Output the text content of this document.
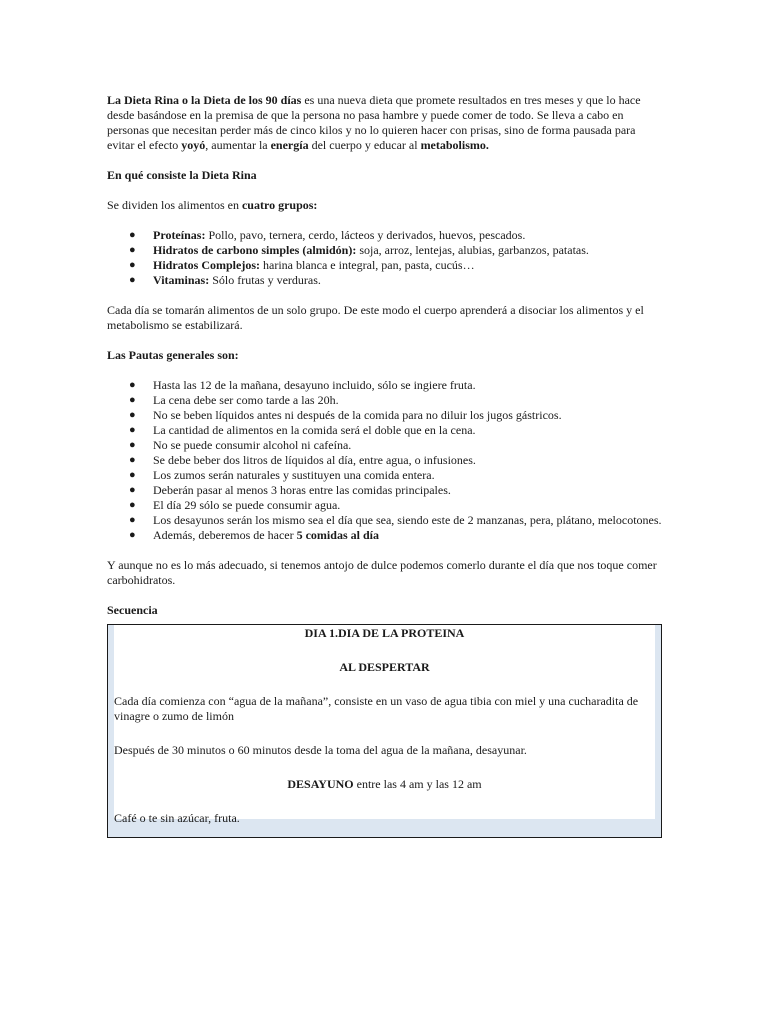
La Dieta Rina o la Dieta de los 90 días es una nueva dieta que promete resultados en tres meses y que lo hace desde basándose en la premisa de que la persona no pasa hambre y puede comer de todo. Se lleva a cabo en personas que necesitan perder más de cinco kilos y no lo quieren hacer con prisas, sino de forma pausada para evitar el efecto yoyó, aumentar la energía del cuerpo y educar al metabolismo.

En qué consiste la Dieta Rina

Se dividen los alimentos en cuatro grupos:

● Proteínas: Pollo, pavo, ternera, cerdo, lácteos y derivados, huevos, pescados.
● Hidratos de carbono simples (almidón): soja, arroz, lentejas, alubias, garbanzos, patatas.
● Hidratos Complejos: harina blanca e integral, pan, pasta, cucús…
● Vitaminas: Sólo frutas y verduras.

Cada día se tomarán alimentos de un solo grupo. De este modo el cuerpo aprenderá a disociar los alimentos y el metabolismo se estabilizará.

Las Pautas generales son:

● Hasta las 12 de la mañana, desayuno incluido, sólo se ingiere fruta.
● La cena debe ser como tarde a las 20h.
● No se beben líquidos antes ni después de la comida para no diluir los jugos gástricos.
● La cantidad de alimentos en la comida será el doble que en la cena.
● No se puede consumir alcohol ni cafeína.
● Se debe beber dos litros de líquidos al día, entre agua, o infusiones.
● Los zumos serán naturales y sustituyen una comida entera.
● Deberán pasar al menos 3 horas entre las comidas principales.
● El día 29 sólo se puede consumir agua.
● Los desayunos serán los mismo sea el día que sea, siendo este de 2 manzanas, pera, plátano, melocotones.
● Además, deberemos de hacer 5 comidas al día

Y aunque no es lo más adecuado, si tenemos antojo de dulce podemos comerlo durante el día que nos toque comer carbohidratos.

Secuencia

DIA 1.DIA DE LA PROTEINA

AL DESPERTAR

Cada día comienza con “agua de la mañana”, consiste en un vaso de agua tibia con miel y una cucharadita de vinagre o zumo de limón

Después de 30 minutos o 60 minutos desde la toma del agua de la mañana, desayunar.

DESAYUNO entre las 4 am y las 12 am

Café o te sin azúcar, fruta.
